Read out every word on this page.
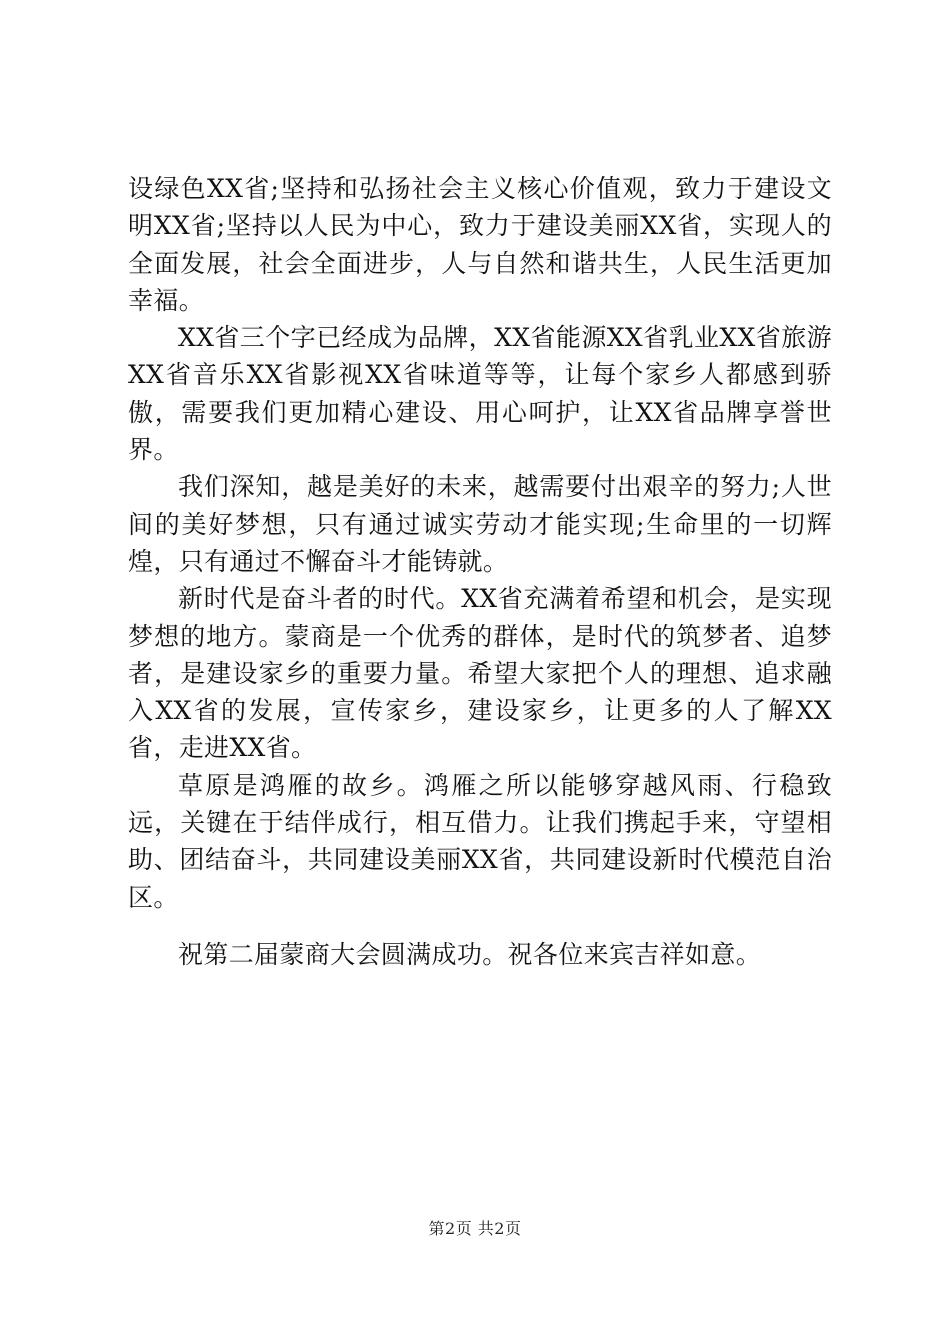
设绿色XX省;坚持和弘扬社会主义核心价值观，致力于建设文明XX省;坚持以人民为中心，致力于建设美丽XX省，实现人的全面发展，社会全面进步，人与自然和谐共生，人民生活更加幸福。

XX省三个字已经成为品牌，XX省能源XX省乳业XX省旅游XX省音乐XX省影视XX省味道等等，让每个家乡人都感到骄傲，需要我们更加精心建设、用心呵护，让XX省品牌享誉世界。

我们深知，越是美好的未来，越需要付出艰辛的努力;人世间的美好梦想，只有通过诚实劳动才能实现;生命里的一切辉煌，只有通过不懈奋斗才能铸就。

新时代是奋斗者的时代。XX省充满着希望和机会，是实现梦想的地方。蒙商是一个优秀的群体，是时代的筑梦者、追梦者，是建设家乡的重要力量。希望大家把个人的理想、追求融入XX省的发展，宣传家乡，建设家乡，让更多的人了解XX省，走进XX省。

草原是鸿雁的故乡。鸿雁之所以能够穿越风雨、行稳致远，关键在于结伴成行，相互借力。让我们携起手来，守望相助、团结奋斗，共同建设美丽XX省，共同建设新时代模范自治区。

祝第二届蒙商大会圆满成功。祝各位来宾吉祥如意。

第2页 共2页
